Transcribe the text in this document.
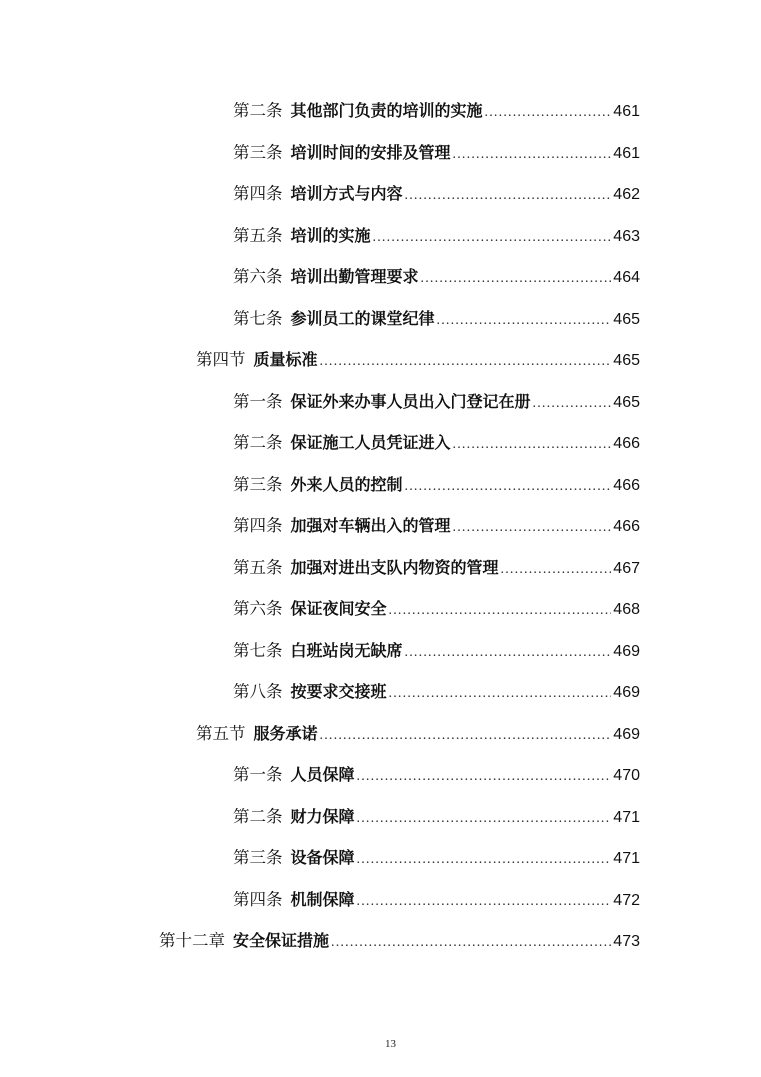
第二条 其他部门负责的培训的实施 .....	461
第三条 培训时间的安排及管理 .....	461
第四条 培训方式与内容 .....	462
第五条 培训的实施 .....	463
第六条 培训出勤管理要求 .....	464
第七条 参训员工的课堂纪律 .....	465
第四节 质量标准 .....	465
第一条 保证外来办事人员出入门登记在册 .....	465
第二条 保证施工人员凭证进入 .....	466
第三条 外来人员的控制 .....	466
第四条 加强对车辆出入的管理 .....	466
第五条 加强对进出支队内物资的管理 .....	467
第六条 保证夜间安全 .....	468
第七条 白班站岗无缺席 .....	469
第八条 按要求交接班 .....	469
第五节 服务承诺 .....	469
第一条 人员保障 .....	470
第二条 财力保障 .....	471
第三条 设备保障 .....	471
第四条 机制保障 .....	472
第十二章 安全保证措施 .....	473
13
